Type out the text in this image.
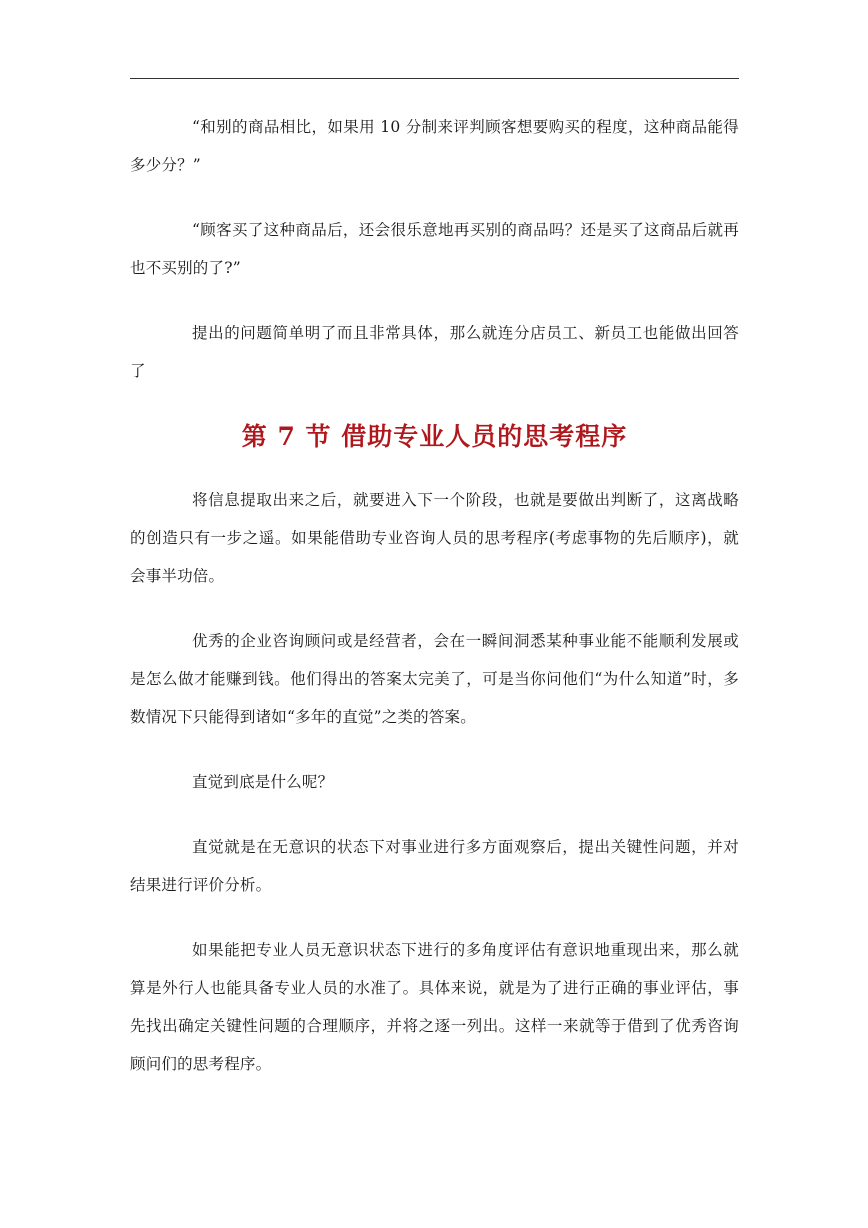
“和别的商品相比，如果用 10 分制来评判顾客想要购买的程度，这种商品能得多少分？”

“顾客买了这种商品后，还会很乐意地再买别的商品吗？还是买了这商品后就再也不买别的了?”

提出的问题简单明了而且非常具体，那么就连分店员工、新员工也能做出回答了

第 7 节 借助专业人员的思考程序

将信息提取出来之后，就要进入下一个阶段，也就是要做出判断了，这离战略的创造只有一步之遥。如果能借助专业咨询人员的思考程序(考虑事物的先后顺序)，就会事半功倍。

优秀的企业咨询顾问或是经营者，会在一瞬间洞悉某种事业能不能顺利发展或是怎么做才能赚到钱。他们得出的答案太完美了，可是当你问他们“为什么知道”时，多数情况下只能得到诸如“多年的直觉”之类的答案。

直觉到底是什么呢？

直觉就是在无意识的状态下对事业进行多方面观察后，提出关键性问题，并对结果进行评价分析。

如果能把专业人员无意识状态下进行的多角度评估有意识地重现出来，那么就算是外行人也能具备专业人员的水准了。具体来说，就是为了进行正确的事业评估，事先找出确定关键性问题的合理顺序，并将之逐一列出。这样一来就等于借到了优秀咨询顾问们的思考程序。
